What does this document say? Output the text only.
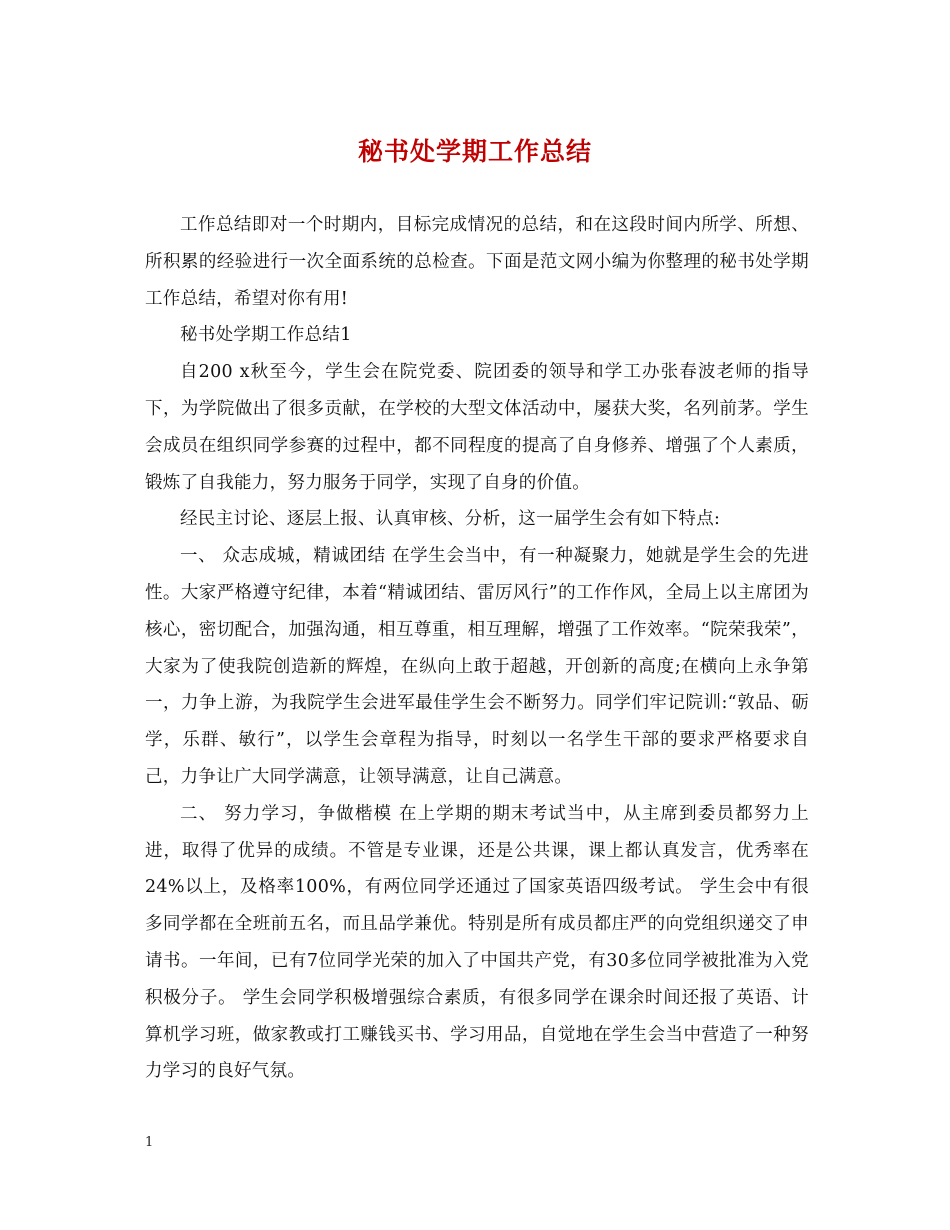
秘书处学期工作总结

工作总结即对一个时期内，目标完成情况的总结，和在这段时间内所学、所想、所积累的经验进行一次全面系统的总检查。下面是范文网小编为你整理的秘书处学期工作总结，希望对你有用!

秘书处学期工作总结1

自200 x秋至今，学生会在院党委、院团委的领导和学工办张春波老师的指导下，为学院做出了很多贡献，在学校的大型文体活动中，屡获大奖，名列前茅。学生会成员在组织同学参赛的过程中，都不同程度的提高了自身修养、增强了个人素质，锻炼了自我能力，努力服务于同学，实现了自身的价值。

经民主讨论、逐层上报、认真审核、分析，这一届学生会有如下特点:

一、 众志成城，精诚团结 在学生会当中，有一种凝聚力，她就是学生会的先进性。大家严格遵守纪律，本着“精诚团结、雷厉风行”的工作作风，全局上以主席团为核心，密切配合，加强沟通，相互尊重，相互理解，增强了工作效率。“院荣我荣”，大家为了使我院创造新的辉煌，在纵向上敢于超越，开创新的高度;在横向上永争第一，力争上游，为我院学生会进军最佳学生会不断努力。同学们牢记院训:“敦品、砺学，乐群、敏行”，以学生会章程为指导，时刻以一名学生干部的要求严格要求自己，力争让广大同学满意，让领导满意，让自己满意。

二、 努力学习，争做楷模 在上学期的期末考试当中，从主席到委员都努力上进，取得了优异的成绩。不管是专业课，还是公共课，课上都认真发言，优秀率在24%以上，及格率100%，有两位同学还通过了国家英语四级考试。 学生会中有很多同学都在全班前五名，而且品学兼优。特别是所有成员都庄严的向党组织递交了申请书。一年间，已有7位同学光荣的加入了中国共产党，有30多位同学被批准为入党积极分子。 学生会同学积极增强综合素质，有很多同学在课余时间还报了英语、计算机学习班，做家教或打工赚钱买书、学习用品，自觉地在学生会当中营造了一种努力学习的良好气氛。

1
